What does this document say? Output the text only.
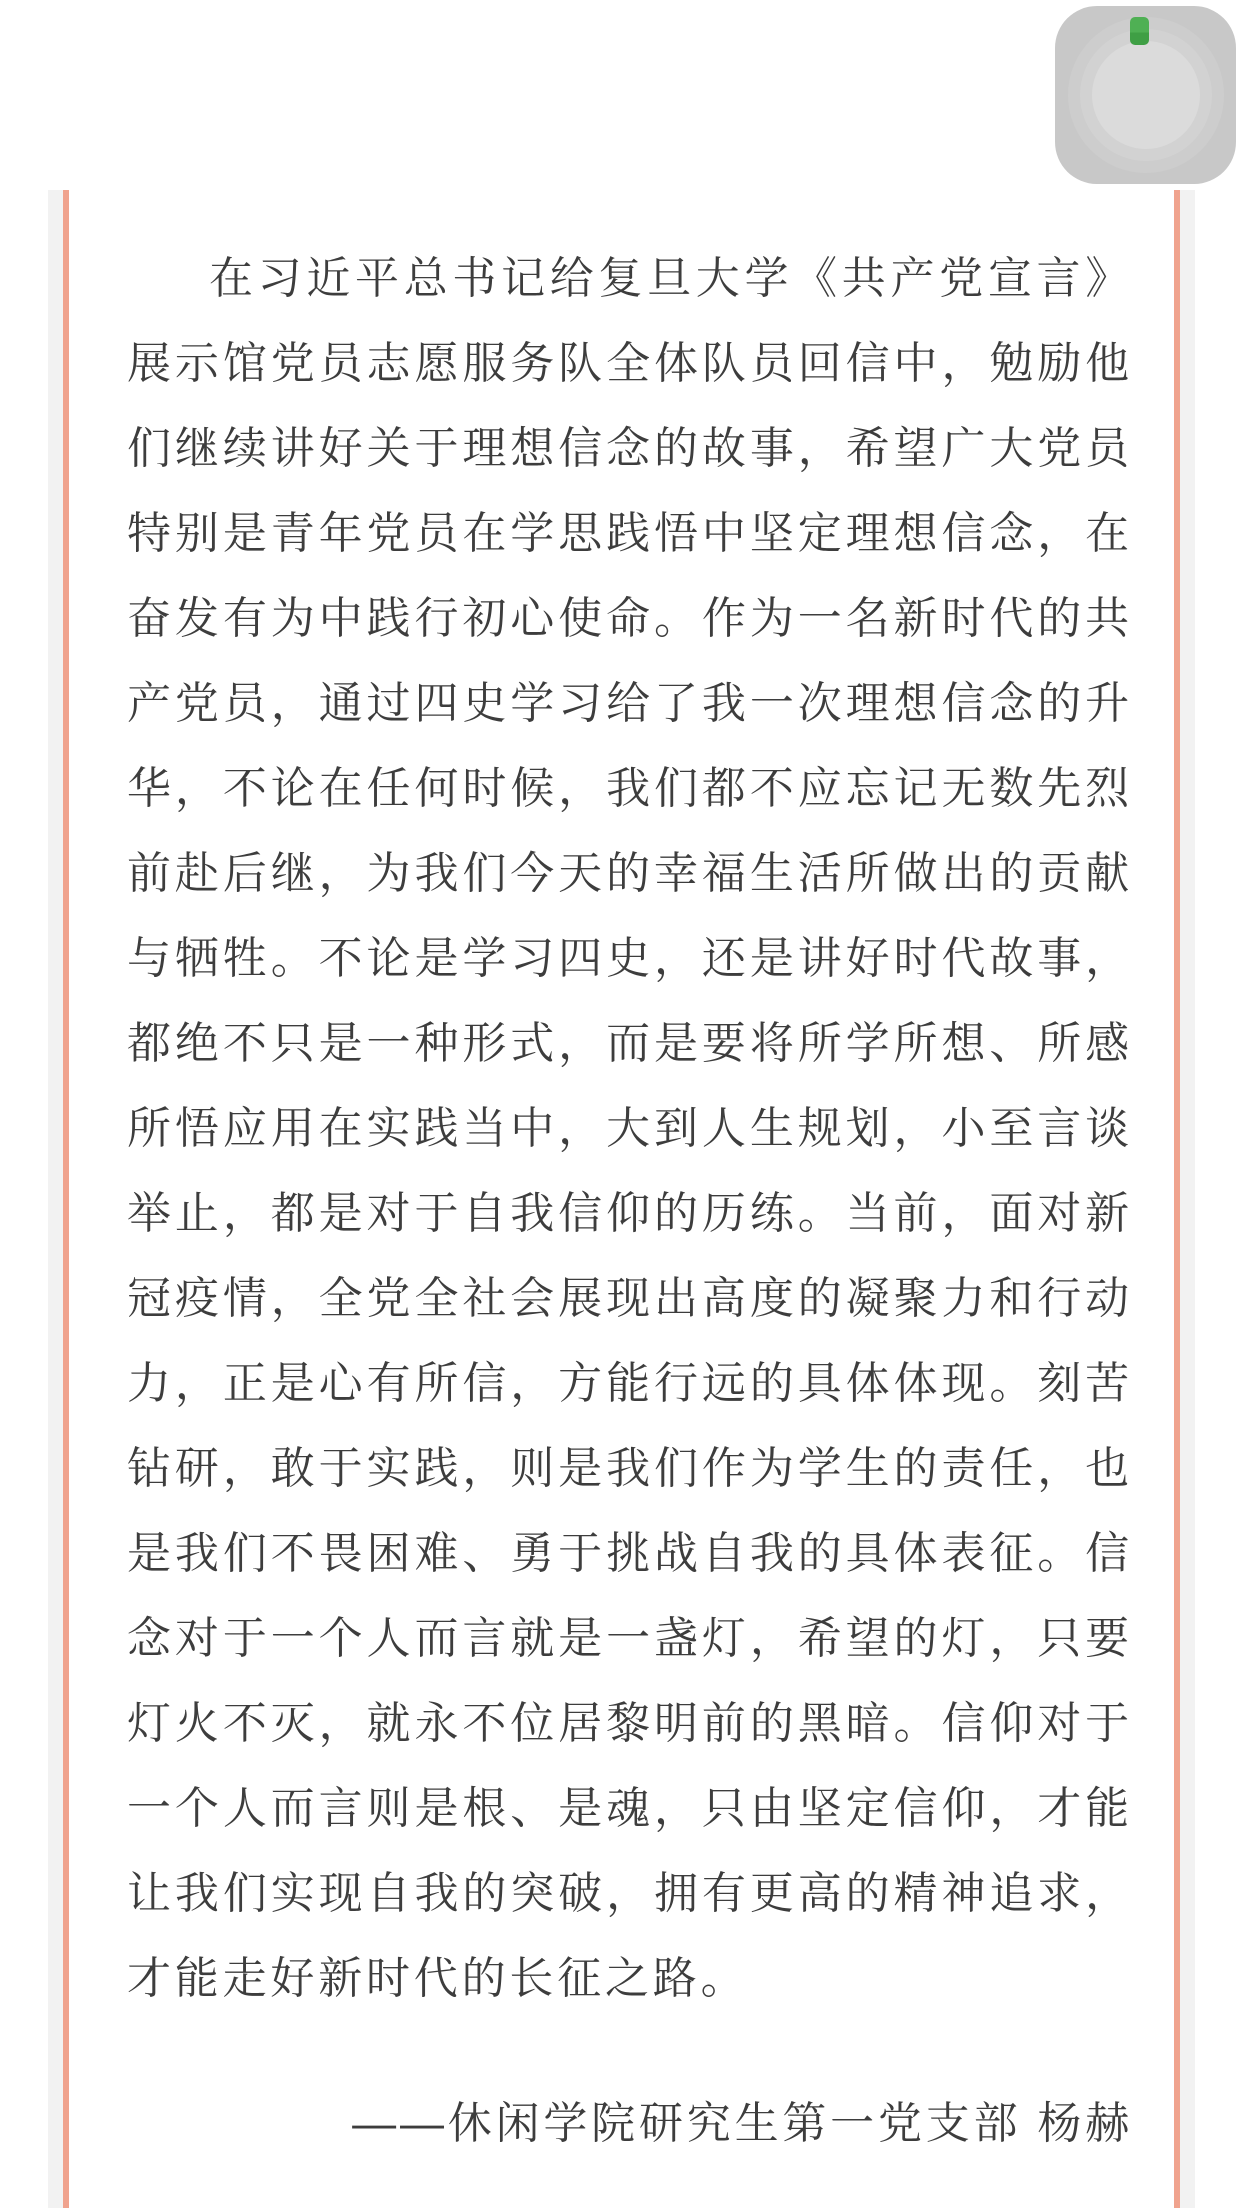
在习近平总书记给复旦大学《共产党宣言》
展示馆党员志愿服务队全体队员回信中，勉励他
们继续讲好关于理想信念的故事，希望广大党员
特别是青年党员在学思践悟中坚定理想信念，在
奋发有为中践行初心使命。作为一名新时代的共
产党员，通过四史学习给了我一次理想信念的升
华，不论在任何时候，我们都不应忘记无数先烈
前赴后继，为我们今天的幸福生活所做出的贡献
与牺牲。不论是学习四史，还是讲好时代故事，
都绝不只是一种形式，而是要将所学所想、所感
所悟应用在实践当中，大到人生规划，小至言谈
举止，都是对于自我信仰的历练。当前，面对新
冠疫情，全党全社会展现出高度的凝聚力和行动
力，正是心有所信，方能行远的具体体现。刻苦
钻研，敢于实践，则是我们作为学生的责任，也
是我们不畏困难、勇于挑战自我的具体表征。信
念对于一个人而言就是一盏灯，希望的灯，只要
灯火不灭，就永不位居黎明前的黑暗。信仰对于
一个人而言则是根、是魂，只由坚定信仰，才能
让我们实现自我的突破，拥有更高的精神追求，
才能走好新时代的长征之路。
——休闲学院研究生第一党支部 杨赫
